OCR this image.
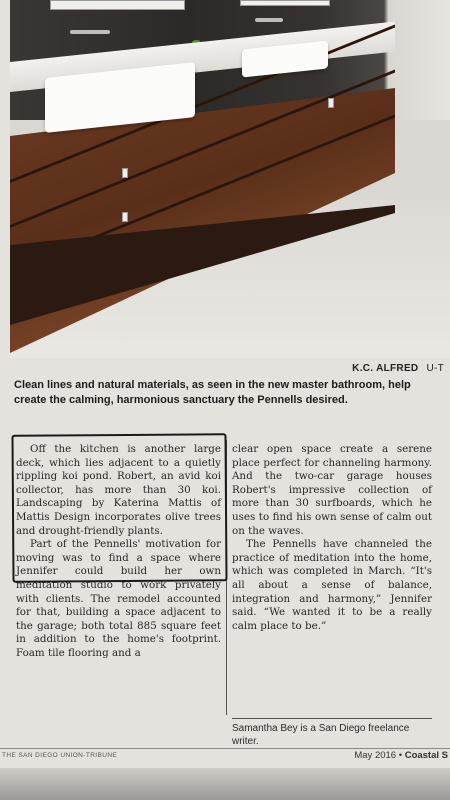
K.C. ALFRED U-T
Clean lines and natural materials, as seen in the new master bathroom, help create the calming, harmonious sanctuary the Pennells desired.

Off the kitchen is another large deck, which lies adjacent to a quietly rippling koi pond. Robert, an avid koi collector, has more than 30 koi. Landscaping by Katerina Mattis of Mattis Design incorporates olive trees and drought-friendly plants.

Part of the Pennells' motivation for moving was to find a space where Jennifer could build her own meditation studio to work privately with clients. The remodel accounted for that, building a space adjacent to the garage; both total 885 square feet in addition to the home's footprint. Foam tile flooring and a

clear open space create a serene place perfect for channeling harmony. And the two-car garage houses Robert's impressive collection of more than 30 surfboards, which he uses to find his own sense of calm out on the waves.

The Pennells have channeled the practice of meditation into the home, which was completed in March. “It's all about a sense of balance, integration and harmony,” Jennifer said. “We wanted it to be a really calm place to be.”

Samantha Bey is a San Diego freelance writer.
THE SAN DIEGO UNION-TRIBUNE	May 2016 • Coastal S
